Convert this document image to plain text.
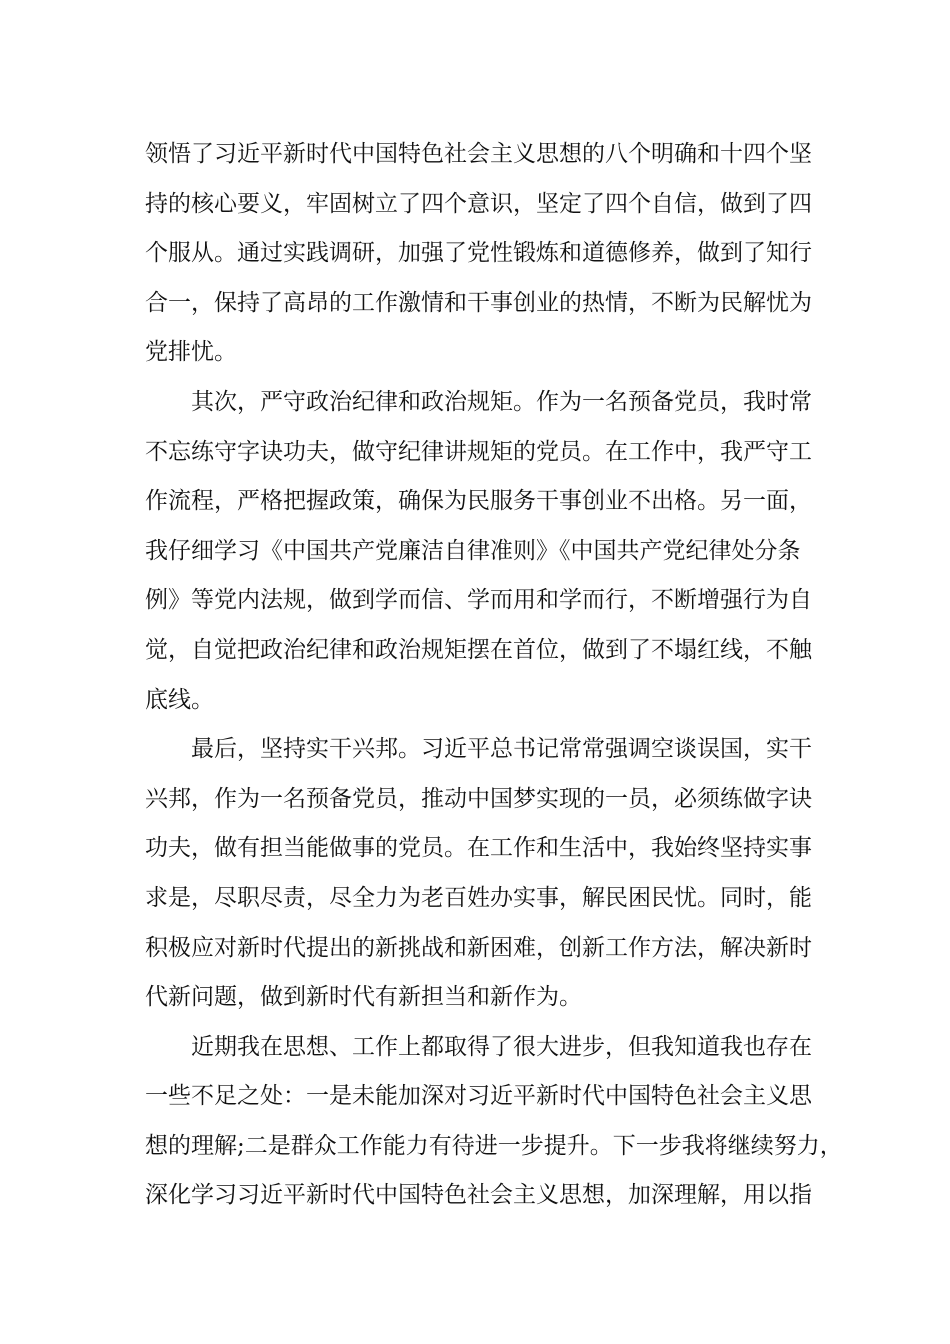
领悟了习近平新时代中国特色社会主义思想的八个明确和十四个坚
持的核心要义，牢固树立了四个意识，坚定了四个自信，做到了四
个服从。通过实践调研，加强了党性锻炼和道德修养，做到了知行
合一，保持了高昂的工作激情和干事创业的热情，不断为民解忧为
党排忧。
其次，严守政治纪律和政治规矩。作为一名预备党员，我时常
不忘练守字诀功夫，做守纪律讲规矩的党员。在工作中，我严守工
作流程，严格把握政策，确保为民服务干事创业不出格。另一面，
我仔细学习《中国共产党廉洁自律准则》《中国共产党纪律处分条
例》等党内法规，做到学而信、学而用和学而行，不断增强行为自
觉，自觉把政治纪律和政治规矩摆在首位，做到了不塌红线，不触
底线。
最后，坚持实干兴邦。习近平总书记常常强调空谈误国，实干
兴邦，作为一名预备党员，推动中国梦实现的一员，必须练做字诀
功夫，做有担当能做事的党员。在工作和生活中，我始终坚持实事
求是，尽职尽责，尽全力为老百姓办实事，解民困民忧。同时，能
积极应对新时代提出的新挑战和新困难，创新工作方法，解决新时
代新问题，做到新时代有新担当和新作为。
近期我在思想、工作上都取得了很大进步，但我知道我也存在
一些不足之处：一是未能加深对习近平新时代中国特色社会主义思
想的理解;二是群众工作能力有待进一步提升。下一步我将继续努力，
深化学习习近平新时代中国特色社会主义思想，加深理解，用以指
